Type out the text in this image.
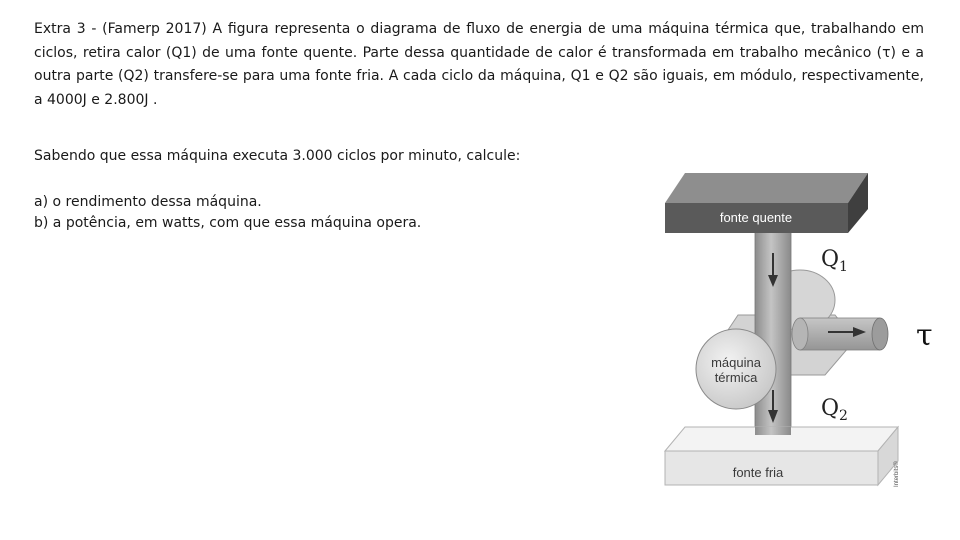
Extra 3 - (Famerp 2017) A figura representa o diagrama de fluxo de energia de uma máquina térmica que, trabalhando em ciclos, retira calor (Q1) de uma fonte quente. Parte dessa quantidade de calor é transformada em trabalho mecânico (τ) e a outra parte (Q2) transfere-se para uma fonte fria. A cada ciclo da máquina, Q1 e Q2 são iguais, em módulo, respectivamente, a 4000J e 2.800J .

Sabendo que essa máquina executa 3.000 ciclos por minuto, calcule:

a) o rendimento dessa máquina.

b) a potência, em watts, com que essa máquina opera.	fonte quente
máquina
térmica
fonte fria
$Q_1$
$Q_2$
τ
Interbits®
